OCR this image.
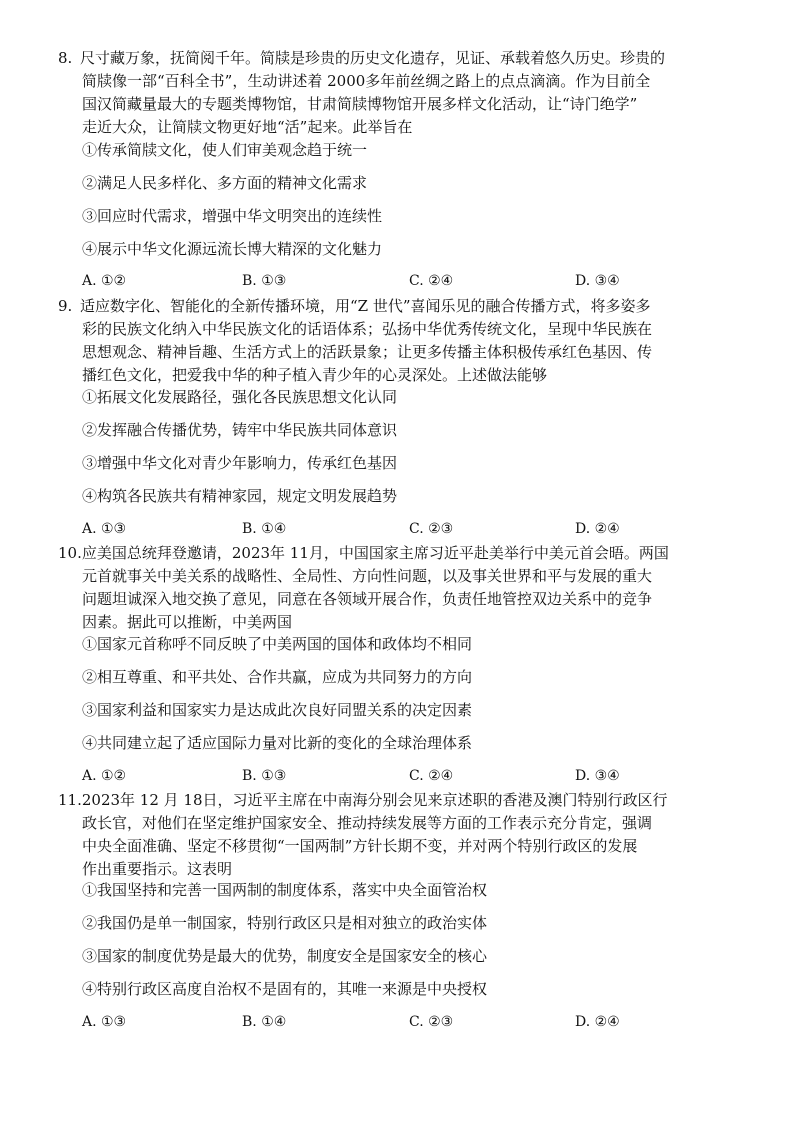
8. 尺寸藏万象，抚简阅千年。简牍是珍贵的历史文化遗存，见证、承载着悠久历史。珍贵的
简牍像一部“百科全书”，生动讲述着 2000多年前丝绸之路上的点点滴滴。作为目前全
国汉简藏量最大的专题类博物馆，甘肃简牍博物馆开展多样文化活动，让“诗门绝学”
走近大众，让简牍文物更好地“活”起来。此举旨在

①传承简牍文化，使人们审美观念趋于统一
②满足人民多样化、多方面的精神文化需求
③回应时代需求，增强中华文明突出的连续性
④展示中华文化源远流长博大精深的文化魅力
A. ①②	B. ①③	C. ②④	D. ③④

9. 适应数字化、智能化的全新传播环境，用“Z 世代”喜闻乐见的融合传播方式，将多姿多
彩的民族文化纳入中华民族文化的话语体系；弘扬中华优秀传统文化，呈现中华民族在
思想观念、精神旨趣、生活方式上的活跃景象；让更多传播主体积极传承红色基因、传
播红色文化，把爱我中华的种子植入青少年的心灵深处。上述做法能够

①拓展文化发展路径，强化各民族思想文化认同
②发挥融合传播优势，铸牢中华民族共同体意识
③增强中华文化对青少年影响力，传承红色基因
④构筑各民族共有精神家园，规定文明发展趋势
A. ①③	B. ①④	C. ②③	D. ②④

10.应美国总统拜登邀请，2023年 11月，中国国家主席习近平赴美举行中美元首会晤。两国
元首就事关中美关系的战略性、全局性、方向性问题，以及事关世界和平与发展的重大
问题坦诚深入地交换了意见，同意在各领域开展合作，负责任地管控双边关系中的竞争
因素。据此可以推断，中美两国

①国家元首称呼不同反映了中美两国的国体和政体均不相同
②相互尊重、和平共处、合作共赢，应成为共同努力的方向
③国家利益和国家实力是达成此次良好同盟关系的决定因素
④共同建立起了适应国际力量对比新的变化的全球治理体系
A. ①②	B. ①③	C. ②④	D. ③④

11.2023年 12 月 18日，习近平主席在中南海分别会见来京述职的香港及澳门特别行政区行
政长官，对他们在坚定维护国家安全、推动持续发展等方面的工作表示充分肯定，强调
中央全面准确、坚定不移贯彻“一国两制”方针长期不变，并对两个特别行政区的发展
作出重要指示。这表明

①我国坚持和完善一国两制的制度体系，落实中央全面管治权
②我国仍是单一制国家，特别行政区只是相对独立的政治实体
③国家的制度优势是最大的优势，制度安全是国家安全的核心
④特别行政区高度自治权不是固有的，其唯一来源是中央授权
A. ①③	B. ①④	C. ②③	D. ②④
